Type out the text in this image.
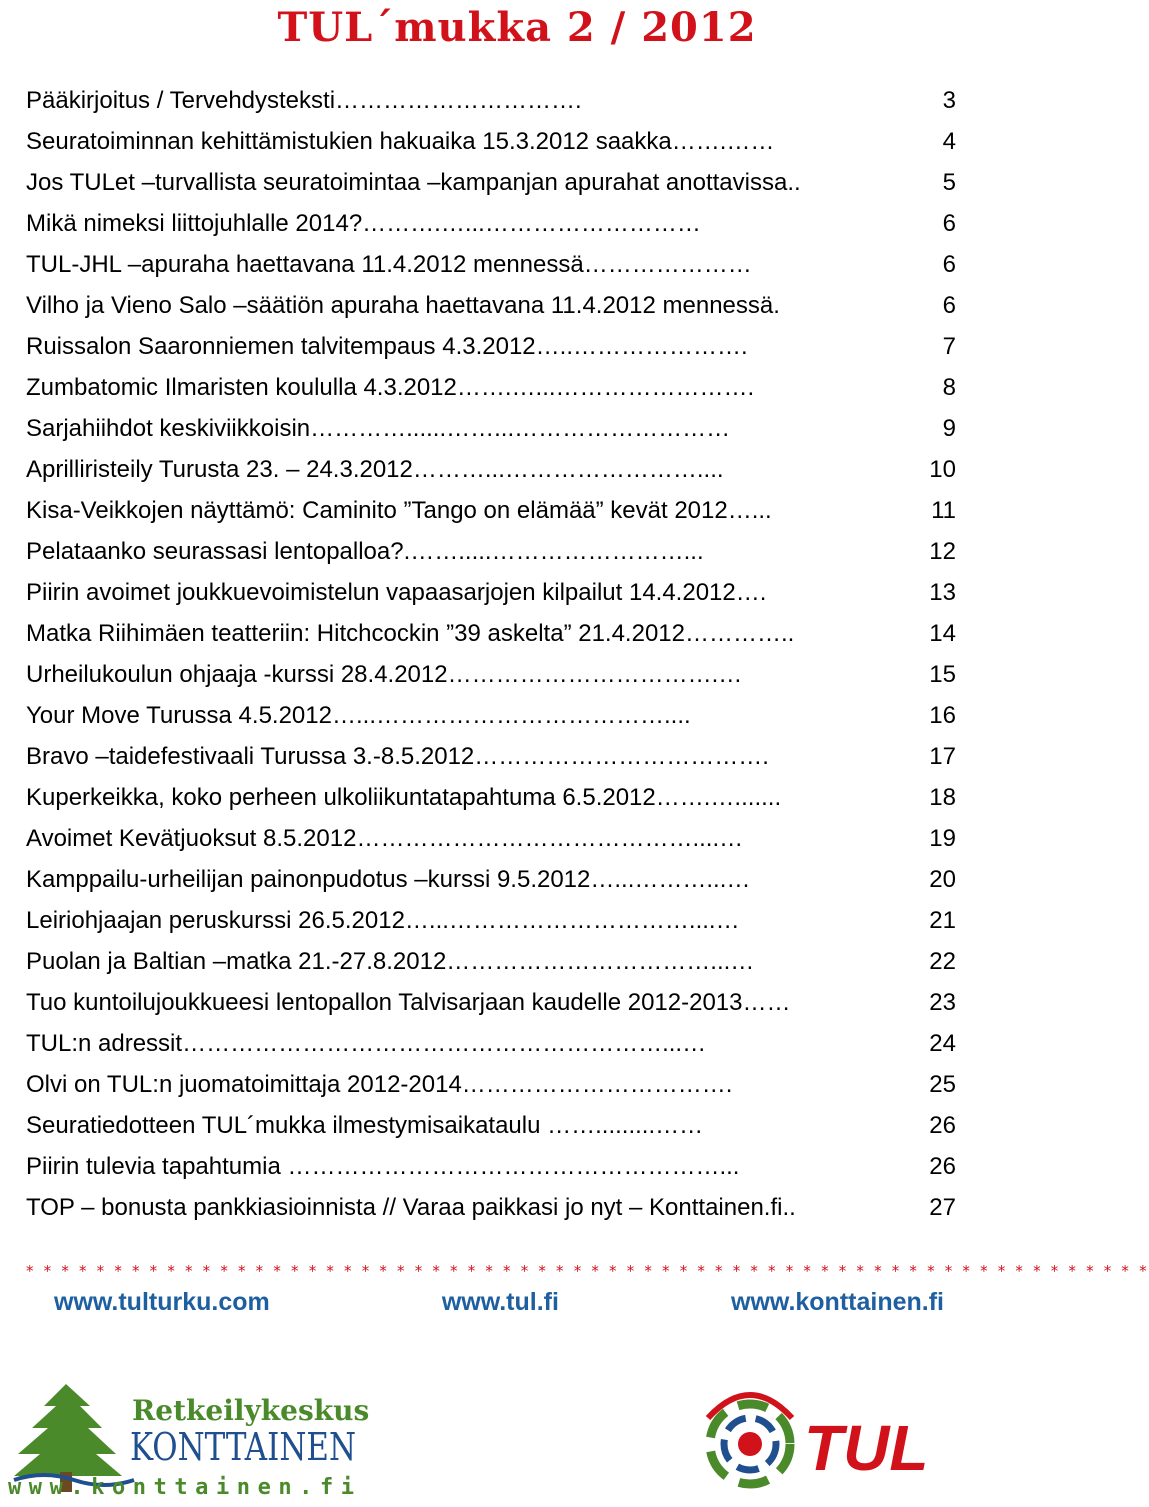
TUL´mukka 2 / 2012
Pääkirjoitus / Tervehdysteksti ………………………….	3
Seuratoiminnan kehittämistukien hakuaika 15.3.2012 saakka …….……	4
Jos TULet –turvallista seuratoimintaa –kampanjan apurahat anottavissa ..	5
Mikä nimeksi liittojuhlalle 2014? ……….…...………………………	6
TUL-JHL –apuraha haettavana 11.4.2012 mennessä …………………	6
Vilho ja Vieno Salo –säätiön apuraha haettavana 11.4.2012 mennessä .	6
Ruissalon Saaronniemen talvitempaus 4.3.2012 …..………………….	7
Zumbatomic Ilmaristen koululla 4.3.2012 …….…...…………………….	8
Sarjahiihdot keskiviikkoisin …………......……...………………………	9
Aprilliristeily Turusta 23. – 24.3.2012 ………...……………………....	10
Kisa-Veikkojen näyttämö: Caminito ”Tango on elämää” kevät 2012 …...	11
Pelataanko seurassasi lentopalloa? .…….....……………………...	12
Piirin avoimet joukkuevoimistelun vapaasarjojen kilpailut 14.4.2012 ….	13
Matka Riihimäen teatteriin: Hitchcockin ”39 askelta” 21.4.2012 …………..	14
Urheilukoulun ohjaaja -kurssi 28.4.2012 …………………………….…	15
Your Move Turussa 4.5.2012 …...………………………………....	16
Bravo –taidefestivaali Turussa 3.-8.5.2012 ……………………………….	17
Kuperkeikka, koko perheen ulkoliikuntatapahtuma 6.5.2012 …….….......	18
Avoimet Kevätjuoksut 8.5.2012 ……………………………………....…	19
Kamppailu-urheilijan painonpudotus –kurssi 9.5.2012 …...………...…	20
Leiriohjaajan peruskurssi 26.5.2012 …...…………………………....…	21
Puolan ja Baltian –matka 21.-27.8.2012 ……………………………...…	22
Tuo kuntoilujoukkueesi lentopallon Talvisarjaan kaudelle 2012-2013 ……	23
TUL:n adressit ……………………………………………………...…	24
Olvi on TUL:n juomatoimittaja 2012-2014 …………………………….	25
Seuratiedotteen TUL´mukka ilmestymisaikataulu …….........……	26
Piirin tulevia tapahtumia ………………………………………………...	26
TOP – bonusta pankkiasioinnista // Varaa paikkasi jo nyt – Konttainen.fi ..	27
* * * * * * * * * * * * * * * * * * * * * * * * * * * * * * * * * * * * * * * * * * * * * * * * * * * * * * * * * * * * * * * *
www.tulturku.com	www.tul.fi	www.konttainen.fi
Retkeilykeskus
KONTTAINEN
www.konttainen.fi
TUL
